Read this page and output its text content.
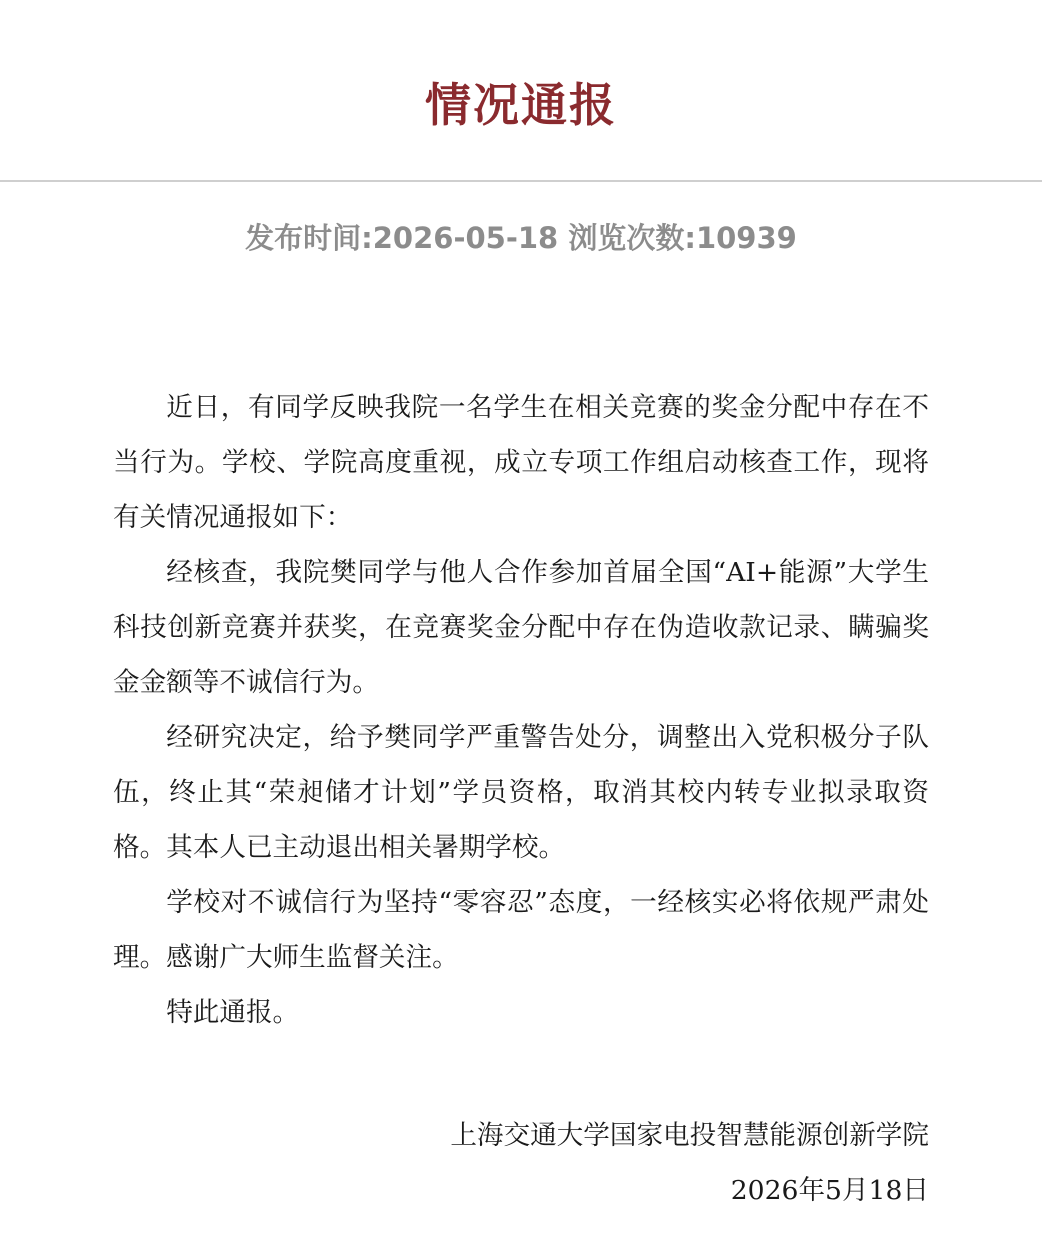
情况通报
发布时间:2026-05-18 浏览次数:10939

近日，有同学反映我院一名学生在相关竞赛的奖金分配中存在不当行为。学校、学院高度重视，成立专项工作组启动核查工作，现将有关情况通报如下：

经核查，我院樊同学与他人合作参加首届全国“AI+能源”大学生科技创新竞赛并获奖，在竞赛奖金分配中存在伪造收款记录、瞒骗奖金金额等不诚信行为。

经研究决定，给予樊同学严重警告处分，调整出入党积极分子队伍，终止其“荣昶储才计划”学员资格，取消其校内转专业拟录取资格。其本人已主动退出相关暑期学校。

学校对不诚信行为坚持“零容忍”态度，一经核实必将依规严肃处理。感谢广大师生监督关注。

特此通报。

上海交通大学国家电投智慧能源创新学院
2026年5月18日
